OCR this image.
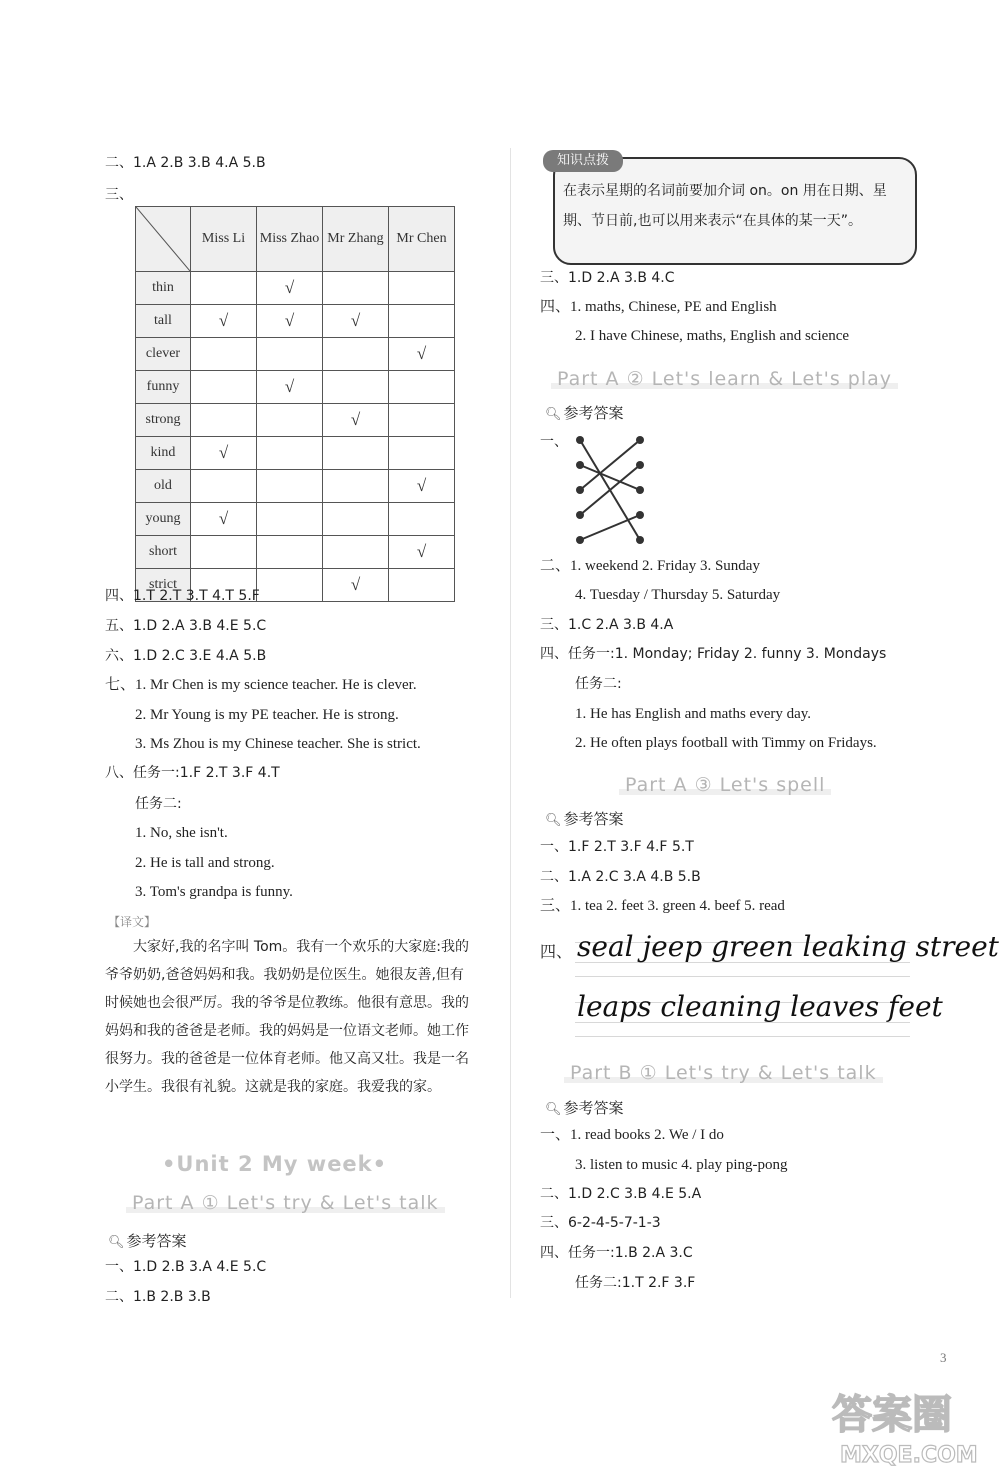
二、1.A 2.B 3.B 4.A 5.B
三、
	Miss Li	Miss Zhao	Mr Zhang	Mr Chen
thin		√		
tall	√	√	√	
clever				√
funny		√		
strong			√	
kind	√			
old				√
young	√			
short				√
strict			√	
四、1.T 2.T 3.T 4.T 5.F
五、1.D 2.A 3.B 4.E 5.C
六、1.D 2.C 3.E 4.A 5.B
七、1. Mr Chen is my science teacher. He is clever.
2. Mr Young is my PE teacher. He is strong.
3. Ms Zhou is my Chinese teacher. She is strict.
八、任务一:1.F 2.T 3.F 4.T
任务二:
1. No, she isn't.
2. He is tall and strong.
3. Tom's grandpa is funny.
【译文】
大家好,我的名字叫 Tom。我有一个欢乐的大家庭:我的爷爷奶奶,爸爸妈妈和我。我奶奶是位医生。她很友善,但有时候她也会很严厉。我的爷爷是位教练。他很有意思。我的妈妈和我的爸爸是老师。我的妈妈是一位语文老师。她工作很努力。我的爸爸是一位体育老师。他又高又壮。我是一名小学生。我很有礼貌。这就是我的家庭。我爱我的家。
•Unit 2 My week•
Part A ① Let's try & Let's talk
🔍︎ 参考答案
一、1.D 2.B 3.A 4.E 5.C
二、1.B 2.B 3.B
知识点拨
在表示星期的名词前要加介词 on。on 用在日期、星期、节日前,也可以用来表示“在具体的某一天”。
三、1.D 2.A 3.B 4.C
四、1. maths, Chinese, PE and English
2. I have Chinese, maths, English and science
Part A ② Let's learn & Let's play
🔍︎ 参考答案
一、
二、1. weekend 2. Friday 3. Sunday
4. Tuesday / Thursday 5. Saturday
三、1.C 2.A 3.B 4.A
四、任务一:1. Monday; Friday 2. funny 3. Mondays
任务二:
1. He has English and maths every day.
2. He often plays football with Timmy on Fridays.
Part A ③ Let's spell
🔍︎ 参考答案
一、1.F 2.T 3.F 4.F 5.T
二、1.A 2.C 3.A 4.B 5.B
三、1. tea 2. feet 3. green 4. beef 5. read
四、 seal jeep green leaking street
leaps cleaning leaves feet
Part B ① Let's try & Let's talk
🔍︎ 参考答案
一、1. read books 2. We / I do
3. listen to music 4. play ping-pong
二、1.D 2.C 3.B 4.E 5.A
三、6-2-4-5-7-1-3
四、任务一:1.B 2.A 3.C
任务二:1.T 2.F 3.F
3
答案圈
MXQE.COM
